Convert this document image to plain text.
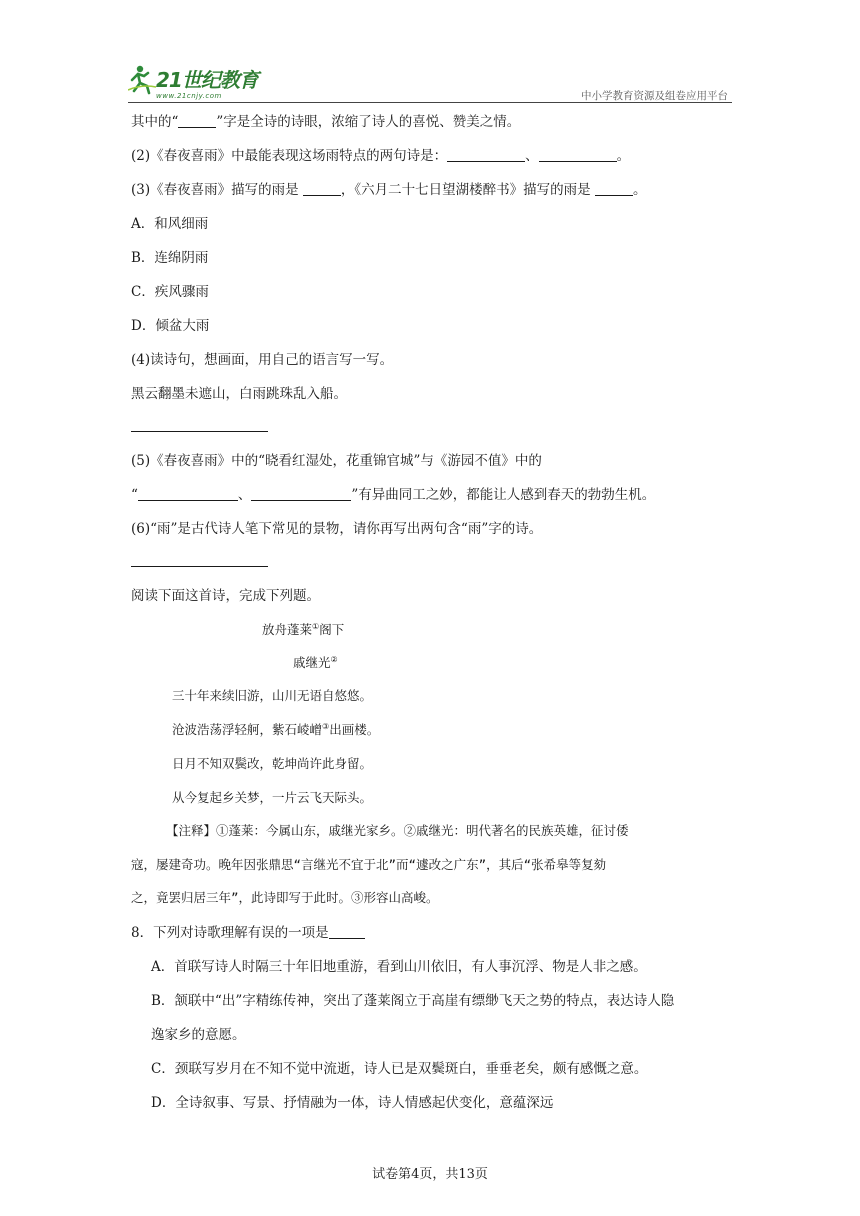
21世纪教育
www.21cnjy.com	中小学教育资源及组卷应用平台
其中的“	”字是全诗的诗眼，浓缩了诗人的喜悦、赞美之情。
(2)《春夜喜雨》中最能表现这场雨特点的两句诗是：	、	。
(3)《春夜喜雨》描写的雨是	，《六月二十七日望湖楼醉书》描写的雨是	。
A．和风细雨
B．连绵阴雨
C．疾风骤雨
D．倾盆大雨
(4)读诗句，想画面，用自己的语言写一写。
黑云翻墨未遮山，白雨跳珠乱入船。
(5)《春夜喜雨》中的“晓看红湿处，花重锦官城”与《游园不值》中的
“	、	”有异曲同工之妙，都能让人感到春天的勃勃生机。
(6)“雨”是古代诗人笔下常见的景物，请你再写出两句含“雨”字的诗。
阅读下面这首诗，完成下列题。
放舟蓬莱①阁下
戚继光②
三十年来续旧游，山川无语自悠悠。
沧波浩荡浮轻舸，紫石崚嶒③出画楼。
日月不知双鬓改，乾坤尚许此身留。
从今复起乡关梦，一片云飞天际头。
【注释】①蓬莱：今属山东，戚继光家乡。②戚继光：明代著名的民族英雄，征讨倭
寇，屡建奇功。晚年因张鼎思“言继光不宜于北”而“遽改之广东”，其后“张希皋等复劾
之，竟罢归居三年”，此诗即写于此时。③形容山高峻。
8．下列对诗歌理解有误的一项是
A．首联写诗人时隔三十年旧地重游，看到山川依旧，有人事沉浮、物是人非之感。
B．颔联中“出”字精练传神，突出了蓬莱阁立于高崖有缥缈飞天之势的特点，表达诗人隐
逸家乡的意愿。
C．颈联写岁月在不知不觉中流逝，诗人已是双鬓斑白，垂垂老矣，颇有感慨之意。
D．全诗叙事、写景、抒情融为一体，诗人情感起伏变化，意蕴深远
试卷第4页，共13页
